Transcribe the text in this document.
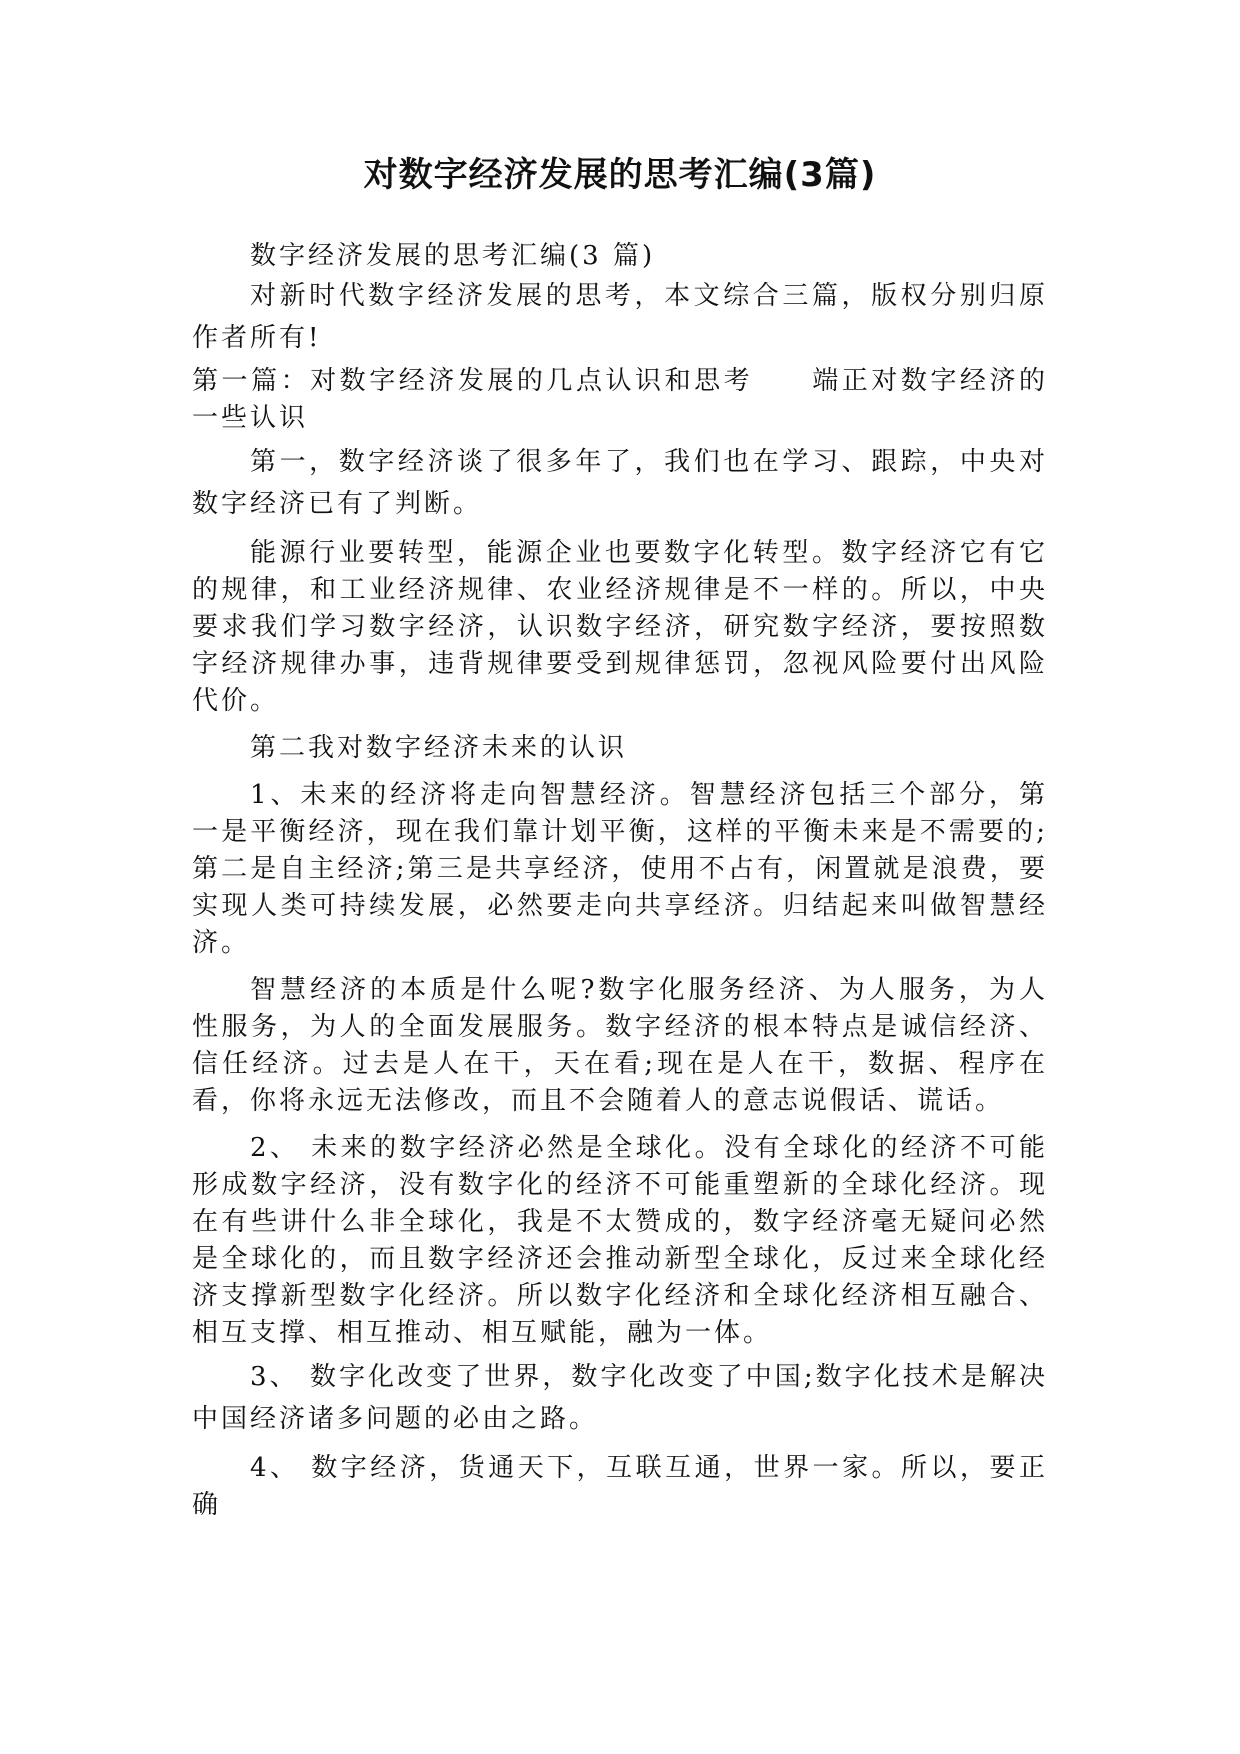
对数字经济发展的思考汇编(3篇)

数字经济发展的思考汇编(3 篇)

对新时代数字经济发展的思考，本文综合三篇，版权分别归原作者所有!

第一篇：对数字经济发展的几点认识和思考　　端正对数字经济的一些认识

第一，数字经济谈了很多年了，我们也在学习、跟踪，中央对数字经济已有了判断。

能源行业要转型，能源企业也要数字化转型。数字经济它有它的规律，和工业经济规律、农业经济规律是不一样的。所以，中央要求我们学习数字经济，认识数字经济，研究数字经济，要按照数字经济规律办事，违背规律要受到规律惩罚，忽视风险要付出风险代价。

第二我对数字经济未来的认识

1、未来的经济将走向智慧经济。智慧经济包括三个部分，第一是平衡经济，现在我们靠计划平衡，这样的平衡未来是不需要的;第二是自主经济;第三是共享经济，使用不占有，闲置就是浪费，要实现人类可持续发展，必然要走向共享经济。归结起来叫做智慧经济。

智慧经济的本质是什么呢?数字化服务经济、为人服务，为人性服务，为人的全面发展服务。数字经济的根本特点是诚信经济、信任经济。过去是人在干，天在看;现在是人在干，数据、程序在看，你将永远无法修改，而且不会随着人的意志说假话、谎话。

2、 未来的数字经济必然是全球化。没有全球化的经济不可能形成数字经济，没有数字化的经济不可能重塑新的全球化经济。现在有些讲什么非全球化，我是不太赞成的，数字经济毫无疑问必然是全球化的，而且数字经济还会推动新型全球化，反过来全球化经济支撑新型数字化经济。所以数字化经济和全球化经济相互融合、相互支撑、相互推动、相互赋能，融为一体。

3、 数字化改变了世界，数字化改变了中国;数字化技术是解决中国经济诸多问题的必由之路。

4、 数字经济，货通天下，互联互通，世界一家。所以，要正确
